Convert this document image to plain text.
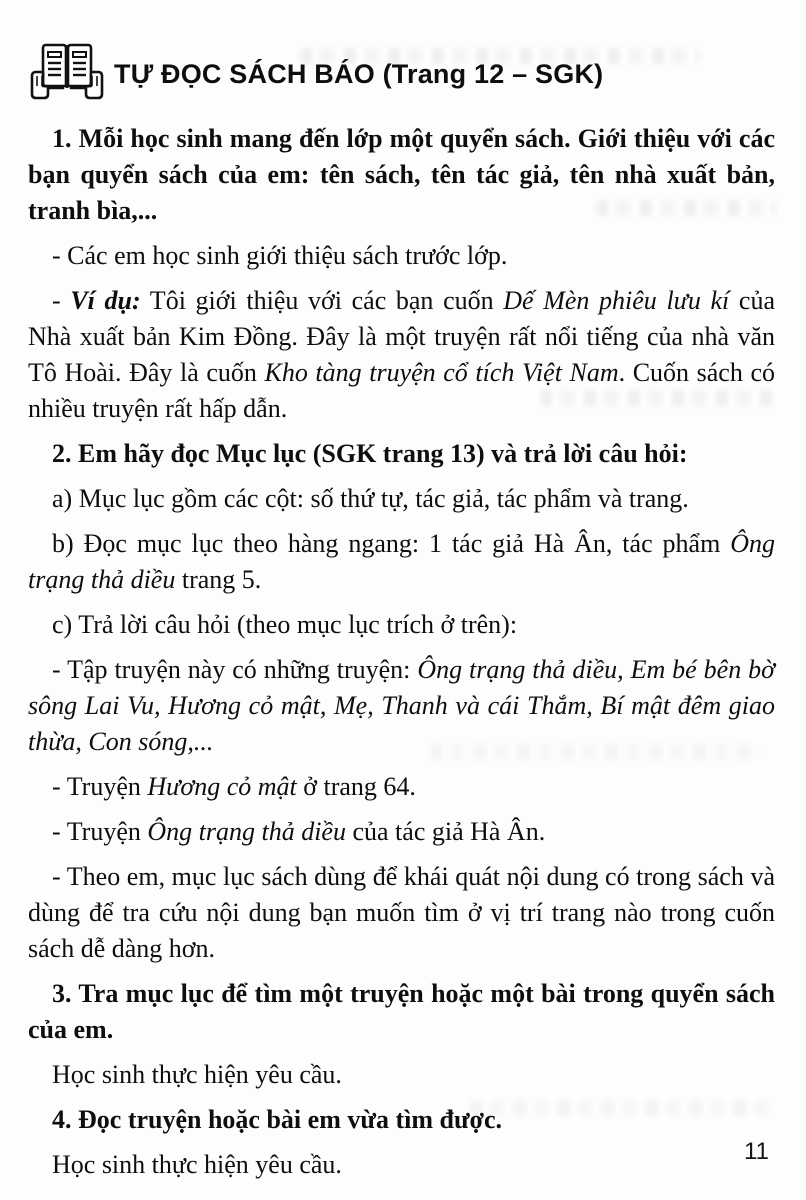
TỰ ĐỌC SÁCH BÁO (Trang 12 – SGK)

1. Mỗi học sinh mang đến lớp một quyển sách. Giới thiệu với các bạn quyển sách của em: tên sách, tên tác giả, tên nhà xuất bản, tranh bìa,...

- Các em học sinh giới thiệu sách trước lớp.

- Ví dụ: Tôi giới thiệu với các bạn cuốn Dế Mèn phiêu lưu kí của Nhà xuất bản Kim Đồng. Đây là một truyện rất nổi tiếng của nhà văn Tô Hoài. Đây là cuốn Kho tàng truyện cổ tích Việt Nam. Cuốn sách có nhiều truyện rất hấp dẫn.

2. Em hãy đọc Mục lục (SGK trang 13) và trả lời câu hỏi:

a) Mục lục gồm các cột: số thứ tự, tác giả, tác phẩm và trang.

b) Đọc mục lục theo hàng ngang: 1 tác giả Hà Ân, tác phẩm Ông trạng thả diều trang 5.

c) Trả lời câu hỏi (theo mục lục trích ở trên):

- Tập truyện này có những truyện: Ông trạng thả diều, Em bé bên bờ sông Lai Vu, Hương cỏ mật, Mẹ, Thanh và cái Thắm, Bí mật đêm giao thừa, Con sóng,...

- Truyện Hương cỏ mật ở trang 64.

- Truyện Ông trạng thả diều của tác giả Hà Ân.

- Theo em, mục lục sách dùng để khái quát nội dung có trong sách và dùng để tra cứu nội dung bạn muốn tìm ở vị trí trang nào trong cuốn sách dễ dàng hơn.

3. Tra mục lục để tìm một truyện hoặc một bài trong quyển sách của em.

Học sinh thực hiện yêu cầu.

4. Đọc truyện hoặc bài em vừa tìm được.

Học sinh thực hiện yêu cầu.	11
